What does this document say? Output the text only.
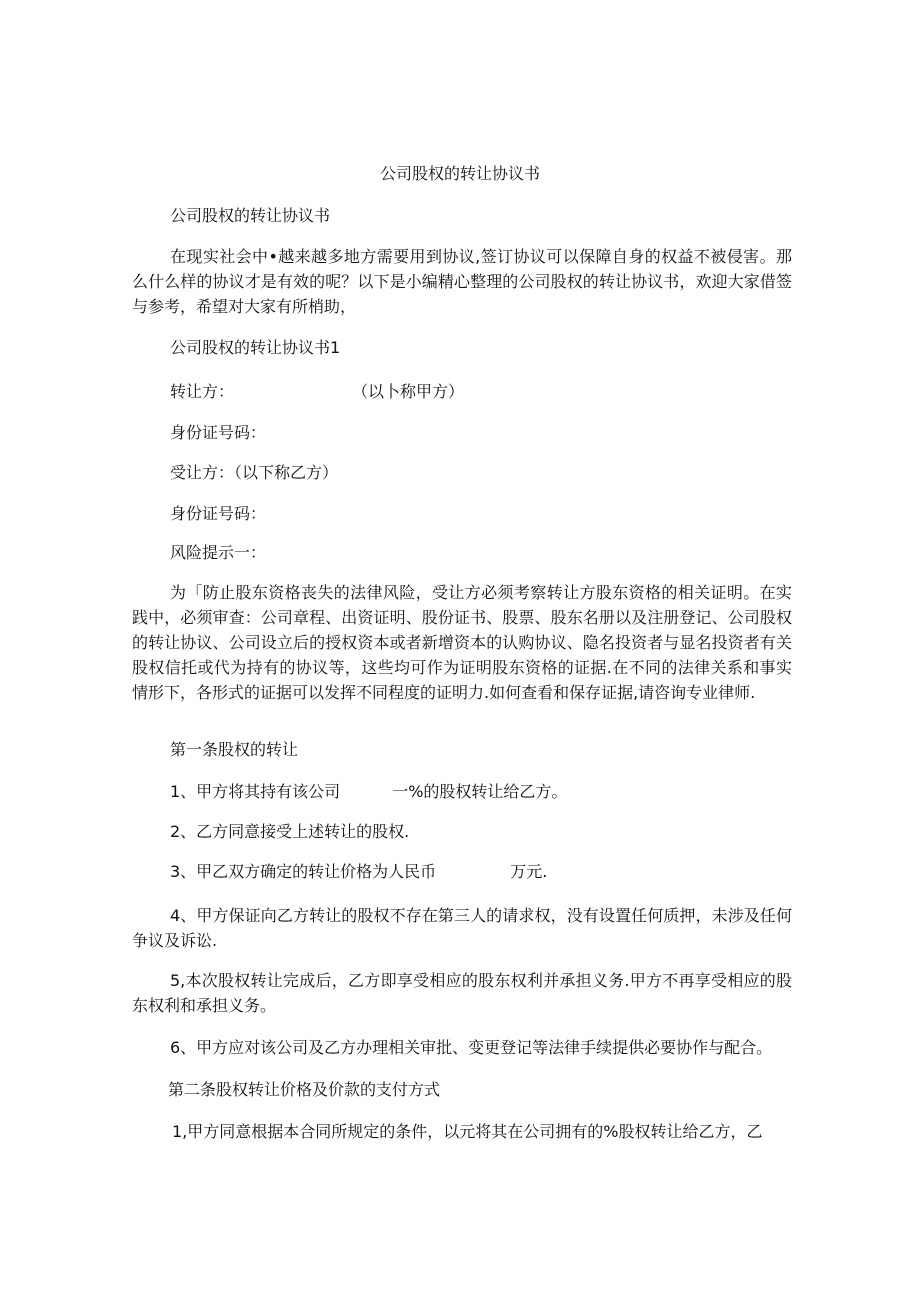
公司股权的转让协议书
公司股权的转让协议书
在现实社会中•越来越多地方需要用到协议,签订协议可以保障自身的权益不被侵害。那么什么样的协议才是有效的呢？以下是小编精心整理的公司股权的转让协议书，欢迎大家借签与参考，希望对大家有所梢助，
公司股权的转让协议书1
转让方：	（以卜称甲方）
身份证号码：
受让方：（以下称乙方）
身份证号码：
风险提示一：
为「防止股东资格丧失的法律风险，受让方必须考察转让方股东资格的相关证明。在实践中，必须审查：公司章程、出资证明、股份证书、股票、股东名册以及注册登记、公司股权的转让协议、公司设立后的授权资本或者新增资本的认购协议、隐名投资者与显名投资者有关股权信托或代为持有的协议等，这些均可作为证明股东资格的证据.在不同的法律关系和事实情形下，各形式的证据可以发挥不同程度的证明力.如何查看和保存证据,请咨询专业律师.
第一条股权的转让
1、甲方将其持有该公司	一%的股权转让给乙方。
2、乙方同意接受上述转让的股权.
3、甲乙双方确定的转让价格为人民币	万元.
4、甲方保证向乙方转让的股权不存在第三人的请求权，没有设置任何质押，未涉及任何争议及诉讼.
5,本次股权转让完成后，乙方即享受相应的股东权利并承担义务.甲方不再享受相应的股东权利和承担义务。
6、甲方应对该公司及乙方办理相关审批、变更登记等法律手续提供必要协作与配合。
第二条股权转让价格及价款的支付方式
1,甲方同意根据本合同所规定的条件，以元将其在公司拥有的%股权转让给乙方，乙
